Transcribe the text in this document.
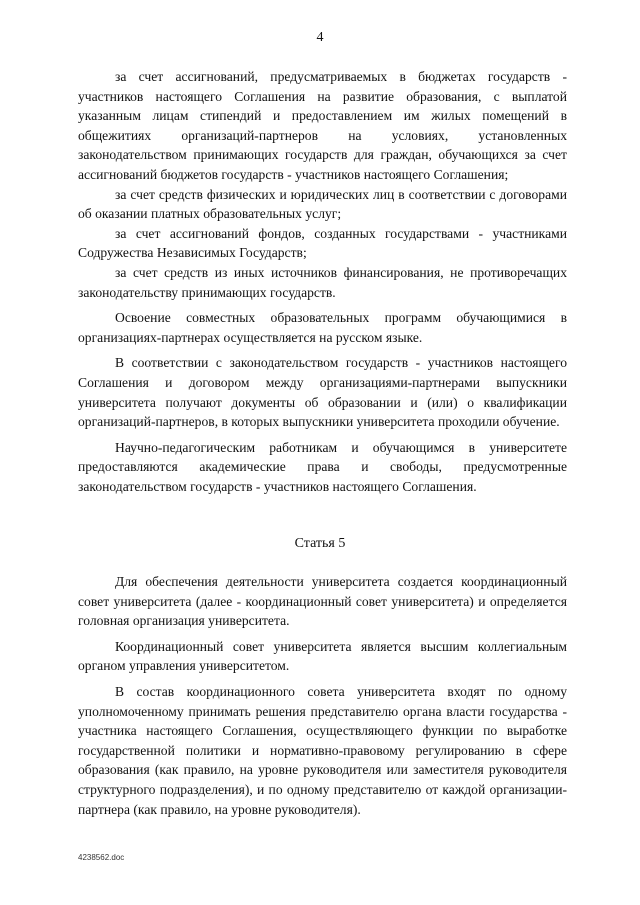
4

за счет ассигнований, предусматриваемых в бюджетах государств - участников настоящего Соглашения на развитие образования, с выплатой указанным лицам стипендий и предоставлением им жилых помещений в общежитиях организаций-партнеров на условиях, установленных законодательством принимающих государств для граждан, обучающихся за счет ассигнований бюджетов государств - участников настоящего Соглашения;

за счет средств физических и юридических лиц в соответствии с договорами об оказании платных образовательных услуг;

за счет ассигнований фондов, созданных государствами - участниками Содружества Независимых Государств;

за счет средств из иных источников финансирования, не противоречащих законодательству принимающих государств.

Освоение совместных образовательных программ обучающимися в организациях-партнерах осуществляется на русском языке.

В соответствии с законодательством государств - участников настоящего Соглашения и договором между организациями-партнерами выпускники университета получают документы об образовании и (или) о квалификации организаций-партнеров, в которых выпускники университета проходили обучение.

Научно-педагогическим работникам и обучающимся в университете предоставляются академические права и свободы, предусмотренные законодательством государств - участников настоящего Соглашения.

Статья 5

Для обеспечения деятельности университета создается координационный совет университета (далее - координационный совет университета) и определяется головная организация университета.

Координационный совет университета является высшим коллегиальным органом управления университетом.

В состав координационного совета университета входят по одному уполномоченному принимать решения представителю органа власти государства - участника настоящего Соглашения, осуществляющего функции по выработке государственной политики и нормативно-правовому регулированию в сфере образования (как правило, на уровне руководителя или заместителя руководителя структурного подразделения), и по одному представителю от каждой организации-партнера (как правило, на уровне руководителя).

4238562.doc
